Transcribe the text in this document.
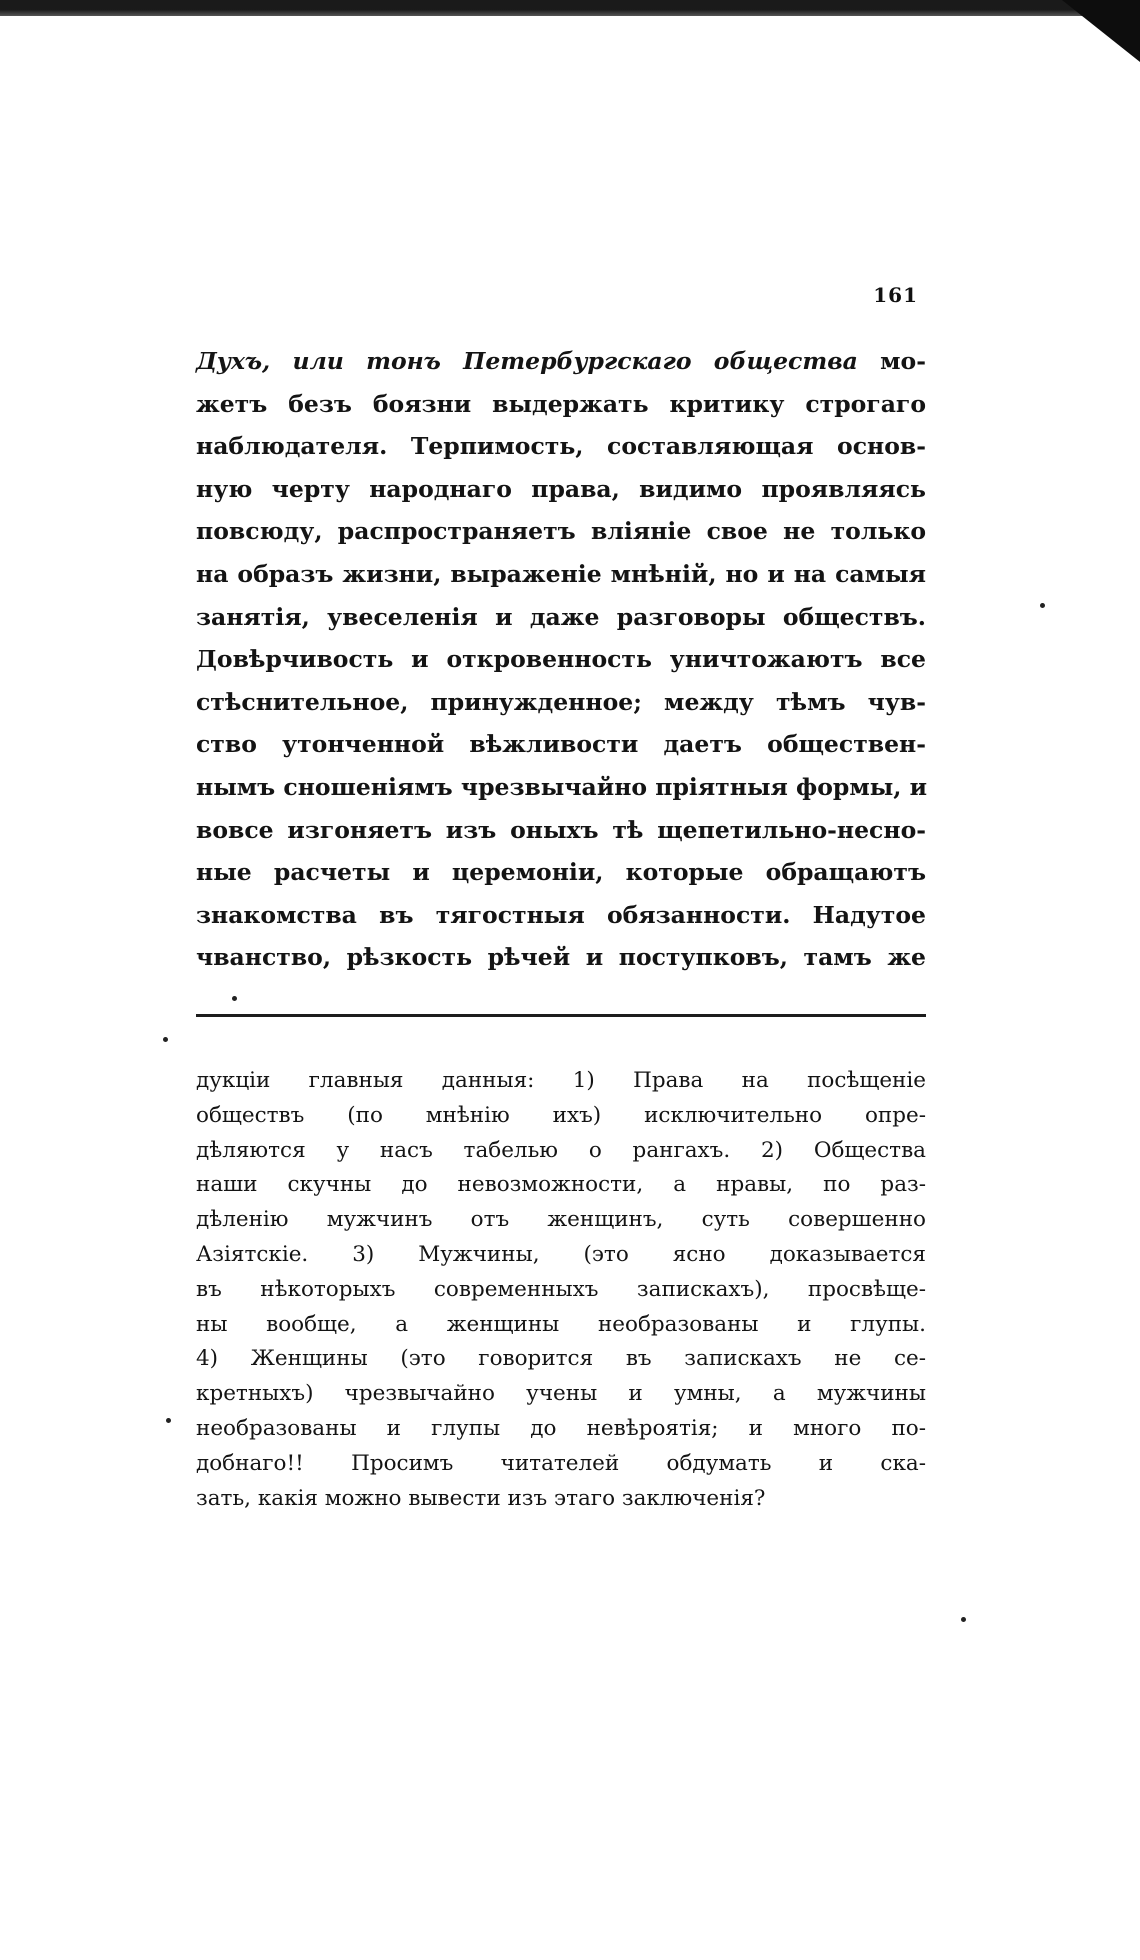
161
Духъ, или тонъ Петербургскаго общества мо-
жетъ безъ боязни выдержать критику строгаго
наблюдателя. Терпимость, составляющая основ-
ную черту народнаго права, видимо проявляясь
повсюду, распространяетъ вліяніе свое не только
на образъ жизни, выраженіе мнѣній, но и на самыя
занятія, увеселенія и даже разговоры обществъ.
Довѣрчивость и откровенность уничтожаютъ все
стѣснительное, принужденное; между тѣмъ чув-
ство утонченной вѣжливости даетъ обществен-
нымъ сношеніямъ чрезвычайно пріятныя формы, и
вовсе изгоняетъ изъ оныхъ тѣ щепетильно-несно-
ные расчеты и церемоніи, которые обращаютъ
знакомства въ тягостныя обязанности. Надутое
чванство, рѣзкость рѣчей и поступковъ, тамъ же
дукціи главныя данныя: 1) Права на посѣщеніе
обществъ (по мнѣнію ихъ) исключительно опре-
дѣляются у насъ табелью о рангахъ. 2) Общества
наши скучны до невозможности, а нравы, по раз-
дѣленію мужчинъ отъ женщинъ, суть совершенно
Азіятскіе. 3) Мужчины, (это ясно доказывается
въ нѣкоторыхъ современныхъ запискахъ), просвѣще-
ны вообще, а женщины необразованы и глупы.
4) Женщины (это говорится въ запискахъ не се-
кретныхъ) чрезвычайно учены и умны, а мужчины
необразованы и глупы до невѣроятія; и много по-
добнаго!! Просимъ читателей обдумать и ска-
зать, какія можно вывести изъ этаго заключенія?
